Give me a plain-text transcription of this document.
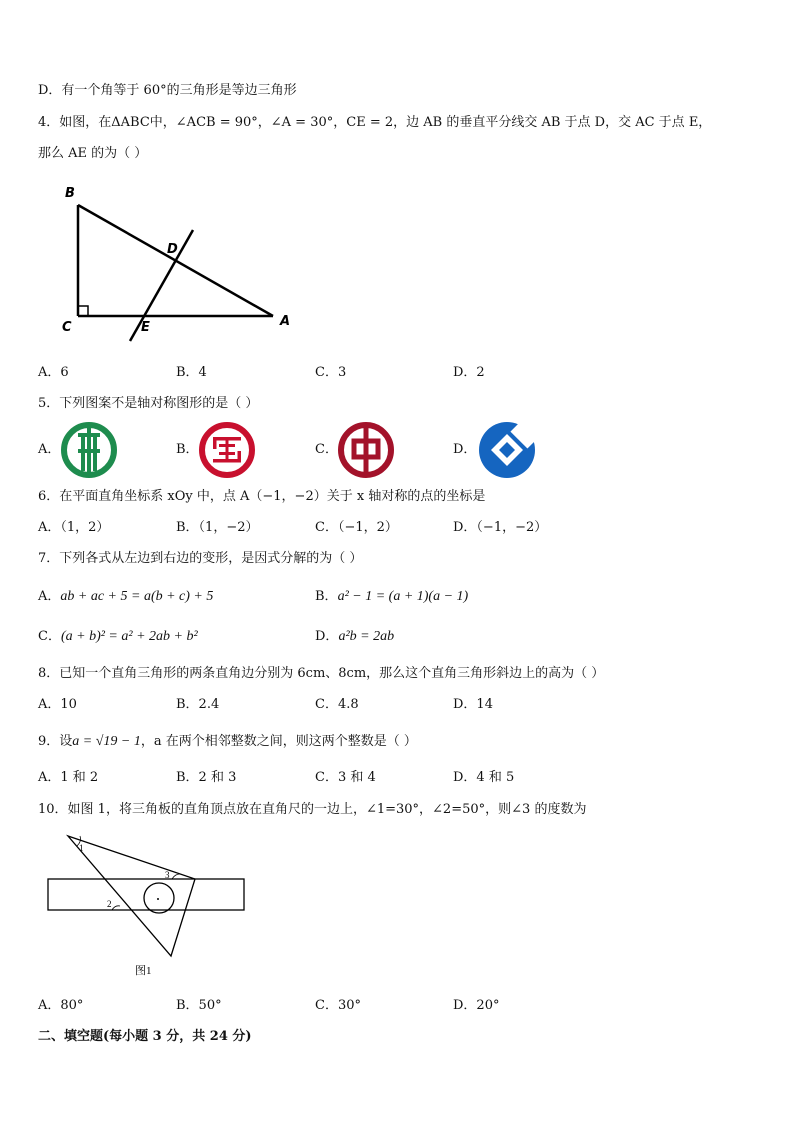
D．有一个角等于 60°的三角形是等边三角形
4．如图，在ΔABC中，∠ACB = 90°，∠A = 30°，CE = 2，边 AB 的垂直平分线交 AB 于点 D，交 AC 于点 E，
那么 AE 的为（ ）
B
D
C	E	A
A．6	B．4	C．3	D．2
5．下列图案不是轴对称图形的是（ ）
A．	B．	C．	D．
6．在平面直角坐标系 xOy 中，点 A（−1，−2）关于 x 轴对称的点的坐标是
A．（1，2）	B．（1，−2）	C．（−1，2）	D．（−1，−2）
7．下列各式从左边到右边的变形，是因式分解的为（ ）
A．ab + ac + 5 = a(b + c) + 5	B．a² − 1 = (a + 1)(a − 1)
C．(a + b)² = a² + 2ab + b²	D．a²b = 2ab
8．已知一个直角三角形的两条直角边分别为 6cm、8cm，那么这个直角三角形斜边上的高为（ ）
A．10	B．2.4	C．4.8	D．14
9．设a = √19 − 1，a 在两个相邻整数之间，则这两个整数是（ ）
A．1 和 2	B．2 和 3	C．3 和 4	D．4 和 5
10．如图 1，将三角板的直角顶点放在直角尺的一边上，∠1=30°，∠2=50°，则∠3 的度数为
1
2
3
图1
A．80°	B．50°	C．30°	D．20°
二、填空题(每小题 3 分，共 24 分)
